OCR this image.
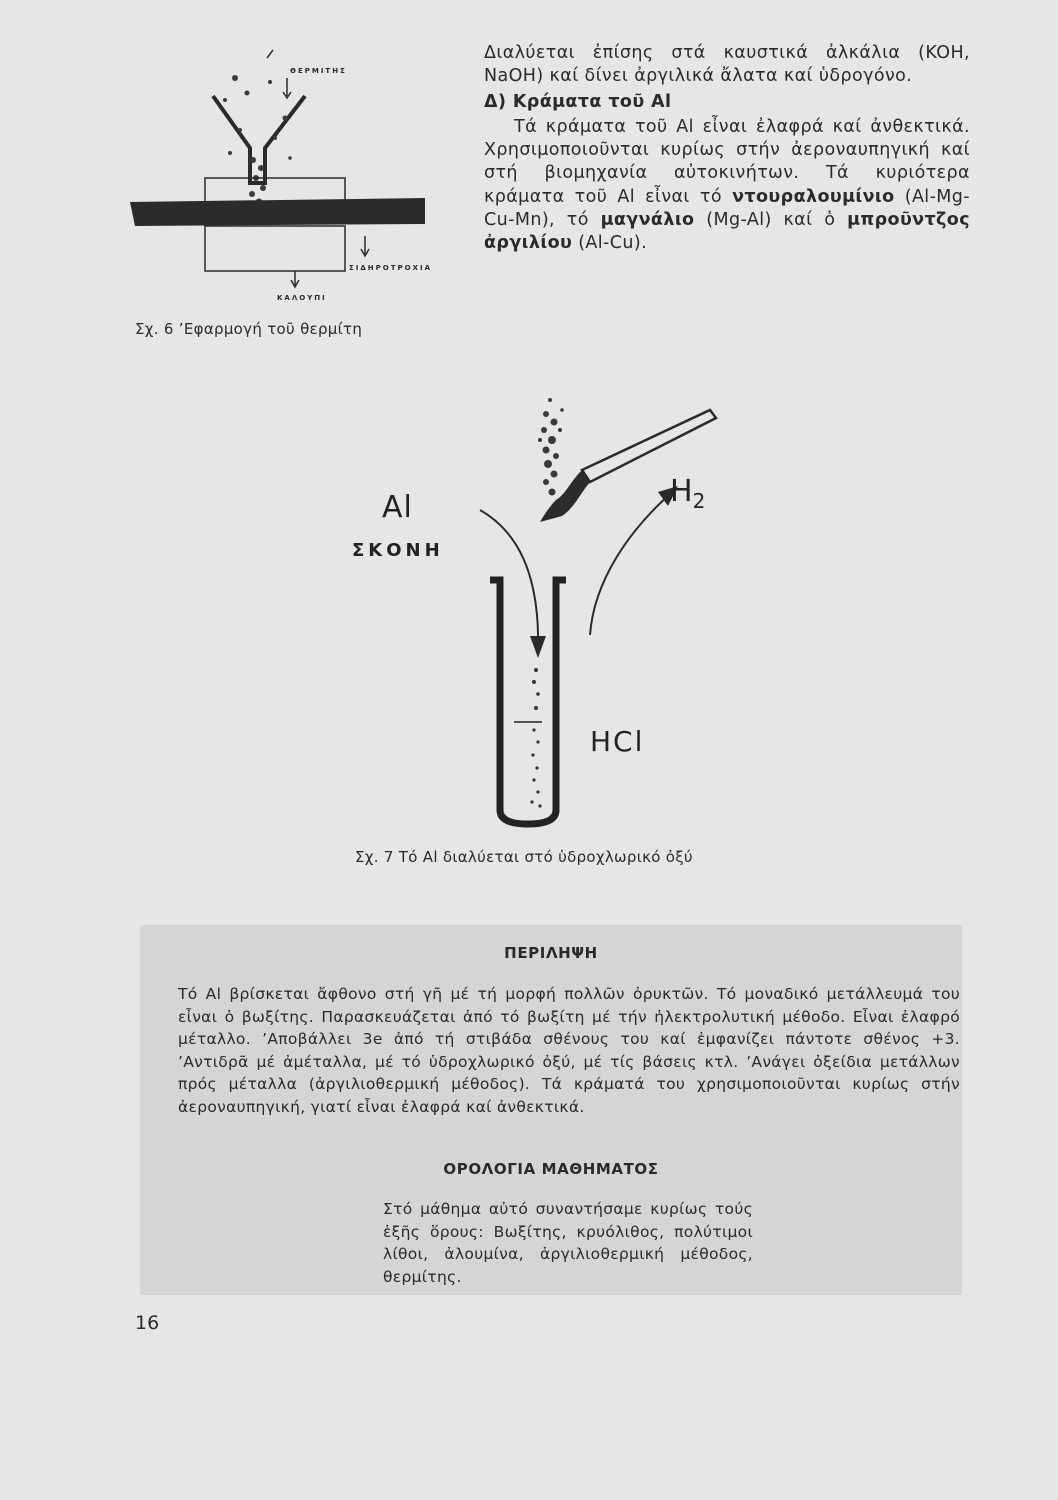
ΘΕΡΜΙΤΗΣ
ΣΙΔΗΡΟΤΡΟΧΙΑ
ΚΑΛΟΥΠΙ
Σχ. 6 ’Εφαρμογή τοῦ θερμίτη

Διαλύεται ἐπίσης στά καυστικά ἀλκάλια (KOH, NaOH) καί δίνει ἀργιλικά ἄλατα καί ὑδρογόνο.

Δ) Κράματα τοῦ Al

Τά κράματα τοῦ Al εἶναι ἐλαφρά καί ἀνθεκτικά. Χρησιμοποιοῦνται κυρίως στήν ἀεροναυπηγική καί στή βιομηχανία αὐτοκινήτων. Τά κυριότερα κράματα τοῦ Al εἶναι τό ντουραλουμίνιο (Al-Mg-Cu-Mn), τό μαγνάλιο (Mg-Al) καί ὁ μπροῦντζος ἀργιλίου (Al-Cu).

Al
ΣΚΟΝΗ
$H_2$
HCl
Σχ. 7 Τό Al διαλύεται στό ὑδροχλωρικό ὀξύ
ΠΕΡΙΛΗΨΗ
Τό Al βρίσκεται ἄφθονο στή γῆ μέ τή μορφή πολλῶν ὀρυκτῶν. Τό μοναδικό μετάλλευμά του εἶναι ὁ βωξίτης. Παρασκευάζεται ἀπό τό βωξίτη μέ τήν ἠλεκτρολυτική μέθοδο. Εἶναι ἐλαφρό μέταλλο. ’Αποβάλλει 3e ἀπό τή στιβάδα σθένους του καί ἐμφανίζει πάντοτε σθένος +3. ’Αντιδρᾶ μέ ἀμέταλλα, μέ τό ὑδροχλωρικό ὀξύ, μέ τίς βάσεις κτλ. ’Ανάγει ὀξείδια μετάλλων πρός μέταλλα (ἀργιλιοθερμική μέθοδος). Τά κράματά του χρησιμοποιοῦνται κυρίως στήν ἀεροναυπηγική, γιατί εἶναι ἐλαφρά καί ἀνθεκτικά.
ΟΡΟΛΟΓΙΑ ΜΑΘΗΜΑΤΟΣ
Στό μάθημα αὐτό συναντήσαμε κυρίως τούς ἑξῆς ὅρους: Βωξίτης, κρυόλιθος, πολύτιμοι λίθοι, ἀλουμίνα, ἀργιλιοθερμική μέθοδος, θερμίτης.
16
